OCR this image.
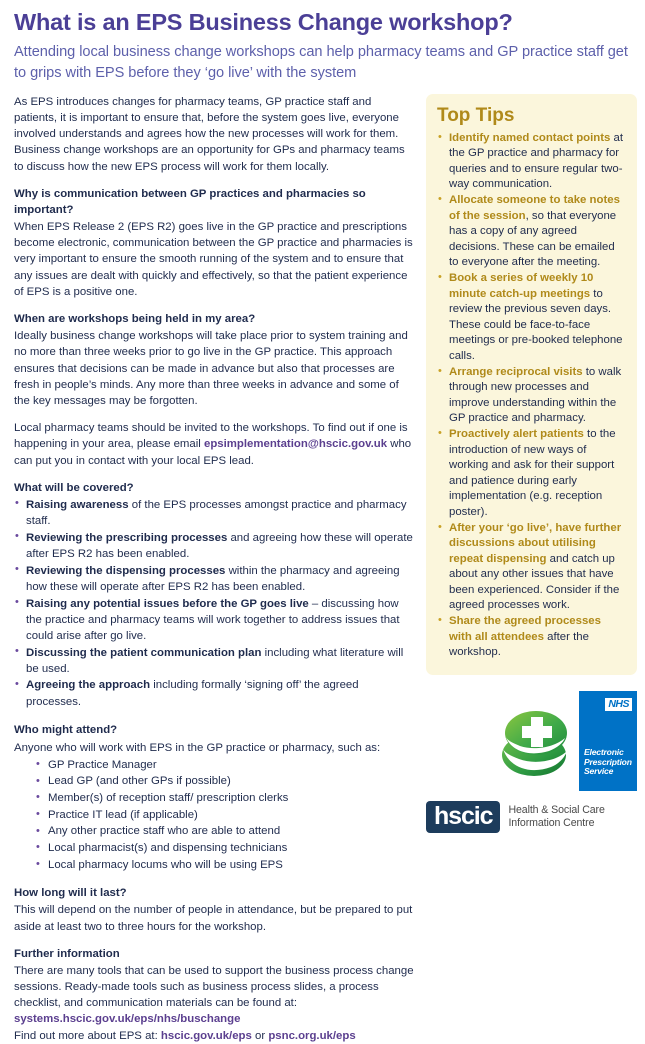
What is an EPS Business Change workshop?

Attending local business change workshops can help pharmacy teams and GP practice staff get to grips with EPS before they ‘go live’ with the system

As EPS introduces changes for pharmacy teams, GP practice staff and patients, it is important to ensure that, before the system goes live, everyone involved understands and agrees how the new processes will work for them. Business change workshops are an opportunity for GPs and pharmacy teams to discuss how the new EPS process will work for them locally.

Why is communication between GP practices and pharmacies so important?

When EPS Release 2 (EPS R2) goes live in the GP practice and prescriptions become electronic, communication between the GP practice and pharmacies is very important to ensure the smooth running of the system and to ensure that any issues are dealt with quickly and effectively, so that the patient experience of EPS is a positive one.

When are workshops being held in my area?

Ideally business change workshops will take place prior to system training and no more than three weeks prior to go live in the GP practice. This approach ensures that decisions can be made in advance but also that processes are fresh in people’s minds. Any more than three weeks in advance and some of the key messages may be forgotten.

Local pharmacy teams should be invited to the workshops. To find out if one is happening in your area, please email epsimplementation@hscic.gov.uk who can put you in contact with your local EPS lead.

What will be covered?
• Raising awareness of the EPS processes amongst practice and pharmacy staff.
• Reviewing the prescribing processes and agreeing how these will operate after EPS R2 has been enabled.
• Reviewing the dispensing processes within the pharmacy and agreeing how these will operate after EPS R2 has been enabled.
• Raising any potential issues before the GP goes live – discussing how the practice and pharmacy teams will work together to address issues that could arise after go live.
• Discussing the patient communication plan including what literature will be used.
• Agreeing the approach including formally ‘signing off’ the agreed processes.
Who might attend?

Anyone who will work with EPS in the GP practice or pharmacy, such as:

• GP Practice Manager
• Lead GP (and other GPs if possible)
• Member(s) of reception staff/ prescription clerks
• Practice IT lead (if applicable)
• Any other practice staff who are able to attend
• Local pharmacist(s) and dispensing technicians
• Local pharmacy locums who will be using EPS
How long will it last?

This will depend on the number of people in attendance, but be prepared to put aside at least two to three hours for the workshop.

Further information

There are many tools that can be used to support the business process change sessions. Ready-made tools such as business process slides, a process checklist, and communication materials can be found at: systems.hscic.gov.uk/eps/nhs/buschange

Find out more about EPS at: hscic.gov.uk/eps or psnc.org.uk/eps

Top Tips
• Identify named contact points at the GP practice and pharmacy for queries and to ensure regular two-way communication.
• Allocate someone to take notes of the session, so that everyone has a copy of any agreed decisions. These can be emailed to everyone after the meeting.
• Book a series of weekly 10 minute catch-up meetings to review the previous seven days. These could be face-to-face meetings or pre-booked telephone calls.
• Arrange reciprocal visits to walk through new processes and improve understanding within the GP practice and pharmacy.
• Proactively alert patients to the introduction of new ways of working and ask for their support and patience during early implementation (e.g. reception poster).
• After your ‘go live’, have further discussions about utilising repeat dispensing and catch up about any other issues that have been experienced. Consider if the agreed processes work.
• Share the agreed processes with all attendees after the workshop.
NHS
Electronic
Prescription
Service
hscic	Health & Social Care
Information Centre
